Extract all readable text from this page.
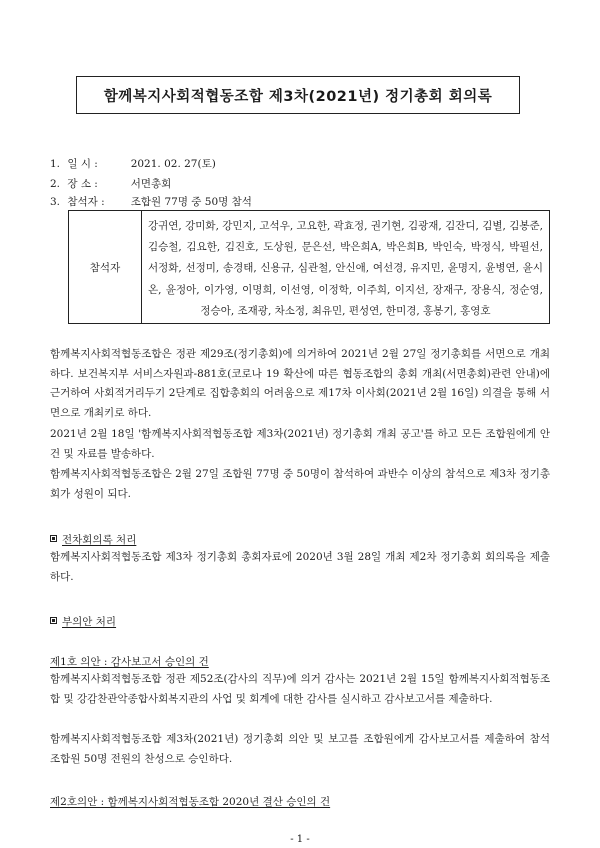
함께복지사회적협동조합 제3차(2021년) 정기총회 회의록
1. 일 시 :	2021. 02. 27(토)
2. 장 소 :	서면총회
3. 참석자 : 조합원 77명 중 50명 참석
참석자
강귀연, 강미화, 강민지, 고석우, 고요한, 곽효정, 권기현, 김광재, 김잔디, 김별, 김봉준, 김승철, 김요한, 김진호, 도상원, 문은선, 박은희A, 박은희B, 박인숙, 박정식, 박필선, 서정화, 선정미, 송경태, 신용규, 심관철, 안신애, 여선경, 유지민, 윤명지, 윤병연, 윤시온, 윤정아, 이가영, 이명희, 이선영, 이정학, 이주희, 이지선, 장재구, 장용식, 정순영, 정승아, 조재광, 차소정, 최유민, 편성연, 한미경, 홍봉기, 홍영호
함께복지사회적협동조합은 정관 제29조(정기총회)에 의거하여 2021년 2월 27일 정기총회를 서면으로 개최하다. 보건복지부 서비스자원과-881호(코로나 19 확산에 따른 협동조합의 총회 개최(서면총회)관련 안내)에 근거하여 사회적거리두기 2단계로 집합총회의 어려움으로 제17차 이사회(2021년 2월 16일) 의결을 통해 서면으로 개최키로 하다.
2021년 2월 18일 '함께복지사회적협동조합 제3차(2021년) 정기총회 개최 공고'를 하고 모든 조합원에게 안건 및 자료를 발송하다.
함께복지사회적협동조합은 2월 27일 조합원 77명 중 50명이 참석하여 과반수 이상의 참석으로 제3차 정기총회가 성원이 되다.
전차회의록 처리
함께복지사회적협동조합 제3차 정기총회 총회자료에 2020년 3월 28일 개최 제2차 정기총회 회의록을 제출하다.
부의안 처리
제1호 의안 : 감사보고서 승인의 건
함께복지사회적협동조합 정관 제52조(감사의 직무)에 의거 감사는 2021년 2월 15일 함께복지사회적협동조합 및 강감찬관악종합사회복지관의 사업 및 회계에 대한 감사를 실시하고 감사보고서를 제출하다.
함께복지사회적협동조합 제3차(2021년) 정기총회 의안 및 보고를 조합원에게 감사보고서를 제출하여 참석 조합원 50명 전원의 찬성으로 승인하다.
제2호의안 : 함께복지사회적협동조합 2020년 결산 승인의 건
- 1 -
